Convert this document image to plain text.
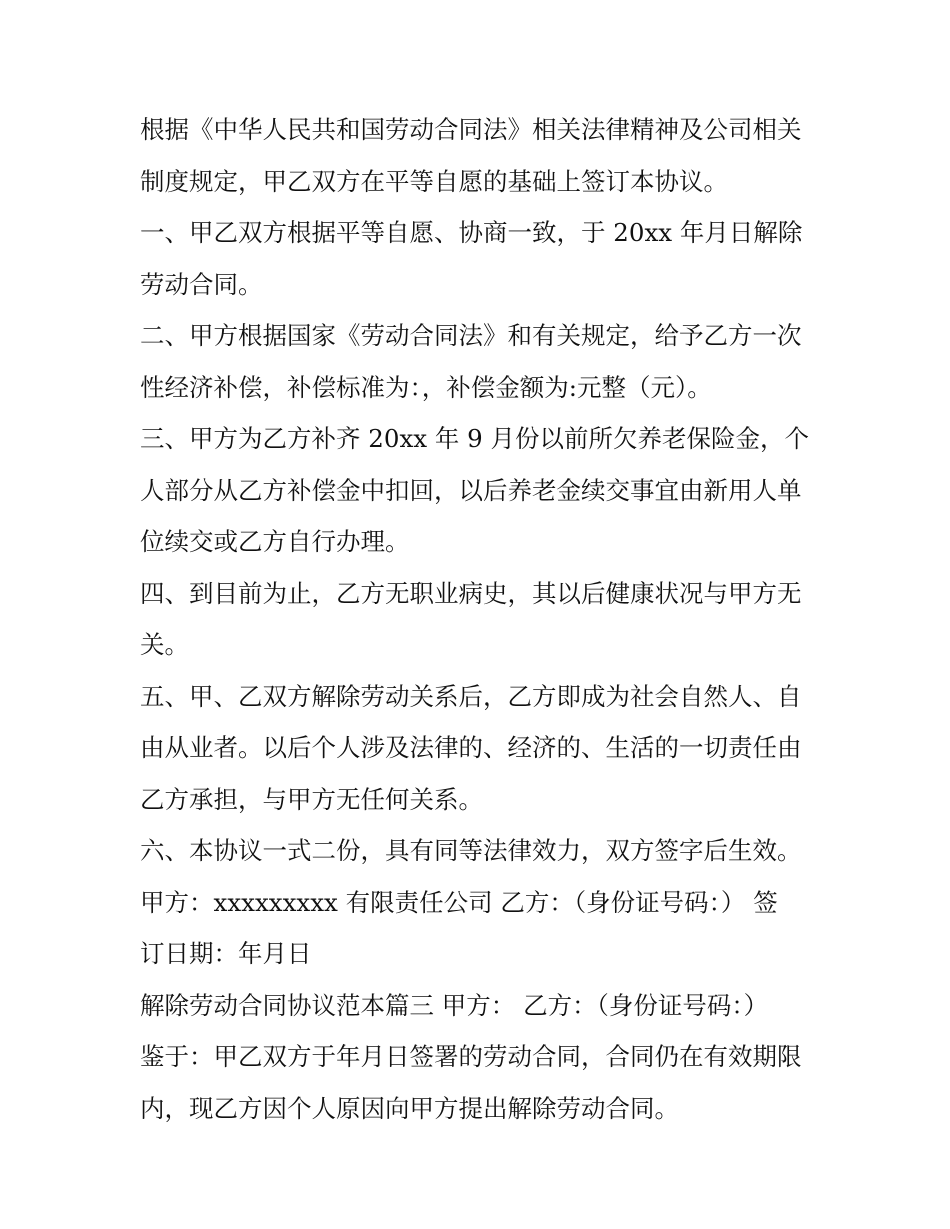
根据《中华人民共和国劳动合同法》相关法律精神及公司相关

制度规定，甲乙双方在平等自愿的基础上签订本协议。

一、甲乙双方根据平等自愿、协商一致，于 20xx 年月日解除

劳动合同。

二、甲方根据国家《劳动合同法》和有关规定，给予乙方一次

性经济补偿，补偿标准为：，补偿金额为:元整（元）。

三、甲方为乙方补齐 20xx 年 9 月份以前所欠养老保险金，个

人部分从乙方补偿金中扣回，以后养老金续交事宜由新用人单

位续交或乙方自行办理。

四、到目前为止，乙方无职业病史，其以后健康状况与甲方无

关。

五、甲、乙双方解除劳动关系后，乙方即成为社会自然人、自

由从业者。以后个人涉及法律的、经济的、生活的一切责任由

乙方承担，与甲方无任何关系。

六、本协议一式二份，具有同等法律效力，双方签字后生效。

甲方：xxxxxxxxx 有限责任公司 乙方：（身份证号码：） 签

订日期：年月日

解除劳动合同协议范本篇三 甲方： 乙方：（身份证号码：）

鉴于：甲乙双方于年月日签署的劳动合同，合同仍在有效期限

内，现乙方因个人原因向甲方提出解除劳动合同。
